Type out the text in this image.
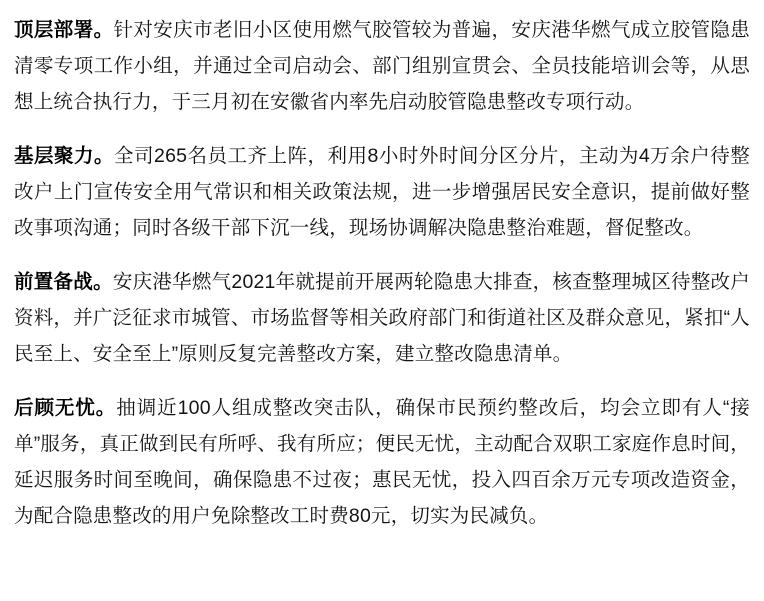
顶层部署。针对安庆市老旧小区使用燃气胶管较为普遍，安庆港华燃气成立胶管隐患清零专项工作小组，并通过全司启动会、部门组别宣贯会、全员技能培训会等，从思想上统合执行力，于三月初在安徽省内率先启动胶管隐患整改专项行动。

基层聚力。全司265名员工齐上阵，利用8小时外时间分区分片，主动为4万余户待整改户上门宣传安全用气常识和相关政策法规，进一步增强居民安全意识，提前做好整改事项沟通；同时各级干部下沉一线，现场协调解决隐患整治难题，督促整改。

前置备战。安庆港华燃气2021年就提前开展两轮隐患大排查，核查整理城区待整改户资料，并广泛征求市城管、市场监督等相关政府部门和街道社区及群众意见，紧扣“人民至上、安全至上”原则反复完善整改方案，建立整改隐患清单。

后顾无忧。抽调近100人组成整改突击队，确保市民预约整改后，均会立即有人“接单”服务，真正做到民有所呼、我有所应；便民无忧，主动配合双职工家庭作息时间，延迟服务时间至晚间，确保隐患不过夜；惠民无忧，投入四百余万元专项改造资金，为配合隐患整改的用户免除整改工时费80元，切实为民减负。
